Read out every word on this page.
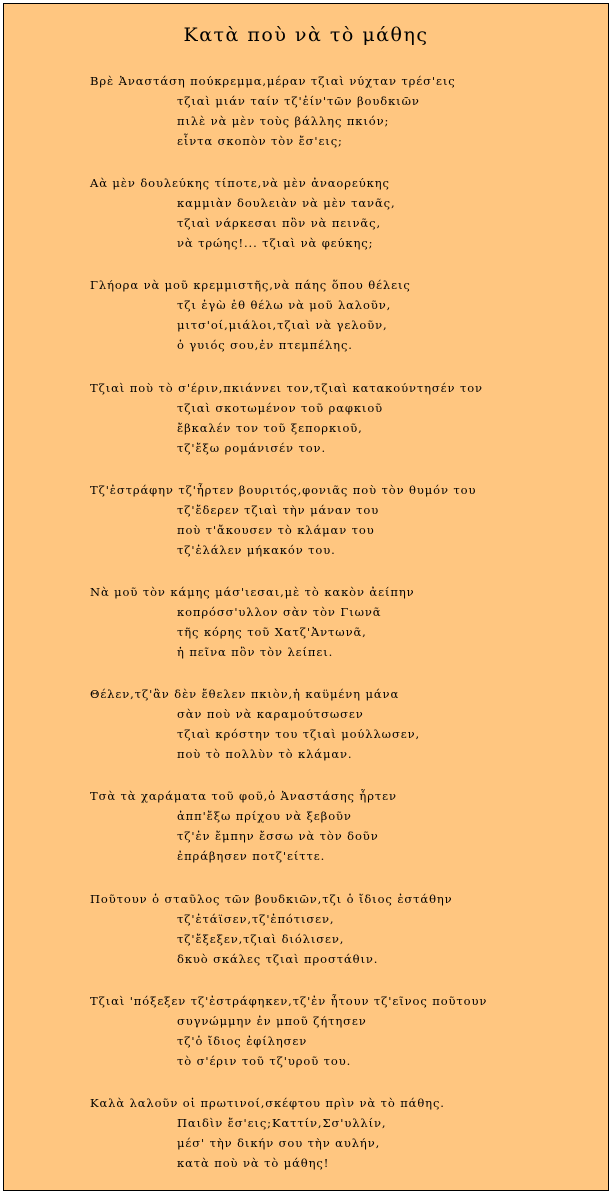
Κατὰ ποὺ νὰ τὸ μάθης
Βρὲ Ἀναστάση πούκρεμμα,μέραν τζιαὶ νύχταν τρέσ'εις
τζιαὶ μιάν ταίν τζ'ἐίν'τῶν βουδκιῶν
πιλὲ νὰ μὲν τοὺς βάλλης πκιόν;
εἶντα σκοπὸν τὸν ἔσ'εις;
Αὰ μὲν δουλεύκης τίποτε,νὰ μὲν ἀναορεύκης
καμμιὰν δουλειὰν νὰ μὲν τανᾶς,
τζιαὶ νάρκεσαι πὂν νὰ πεινᾶς,
νὰ τρώης!... τζιαὶ νὰ φεύκης;
Γλήορα νὰ μοῦ κρεμμιστῆς,νὰ πάης ὅπου θέλεις
τζι ἐγὼ ἐθ θέλω νὰ μοῦ λαλοῦν,
μιτσ'οί,μιάλοι,τζιαὶ νὰ γελοῦν,
ὁ γυιός σου,ἐν πτεμπέλης.
Τζιαὶ ποὺ τὸ σ'έριν,πκιάννει τον,τζιαὶ κατακούντησέν τον
τζιαὶ σκοτωμένον τοῦ ραφκιοῦ
ἔβκαλέν τον τοῦ ξεπορκιοῦ,
τζ'ἔξω ρομάνισέν τον.
Τζ'ἐστράφην τζ'ἦρτεν βουριτός,φονιᾶς ποὺ τὸν θυμόν του
τζ'ἔδερεν τζιαὶ τὴν μάναν του
ποὺ τ'ἄκουσεν τὸ κλάμαν του
τζ'ἐλάλεν μήκακόν του.
Νὰ μοῦ τὸν κάμης μάσ'ιεσαι,μὲ τὸ κακὸν ἀείπην
κοπρόσσ'υλλον σὰν τὸν Γιωνᾶ
τῆς κόρης τοῦ Χατζ'Ἀντωνᾶ,
ἡ πεῖνα πὂν τὸν λείπει.
Θέλεν,τζ'ἂν δὲν ἔθελεν πκιὸν,ἡ καϋμένη μάνα
σὰν ποὺ νὰ καραμούτσωσεν
τζιαὶ κρόστην του τζιαὶ μούλλωσεν,
ποὺ τὸ πολλὺν τὸ κλάμαν.
Τσὰ τὰ χαράματα τοῦ φοῦ,ὁ Ἀναστάσης ἦρτεν
ἀππ'ἔξω πρίχου νὰ ξεβοῦν
τζ'ἐν ἔμπην ἔσσω νὰ τὸν δοῦν
ἐπράβησεν ποτζ'είττε.
Ποῦτουν ὁ σταῦλος τῶν βουδκιῶν,τζι ὁ ἴδιος ἐστάθην
τζ'ἐτάϊσεν,τζ'ἐπότισεν,
τζ'ἔξεξεν,τζιαὶ διόλισεν,
δκυὸ σκάλες τζιαὶ προστάθιν.
Τζιαὶ 'πόξεξεν τζ'ἐστράφηκεν,τζ'ἐν ἦτουν τζ'εῖνος ποῦτουν
συγνώμμην ἐν μποῦ ζήτησεν
τζ'ὁ ἴδιος ἐφίλησεν
τὸ σ'έριν τοῦ τζ'υροῦ του.
Καλὰ λαλοῦν οἱ πρωτινοί,σκέφτου πρὶν νὰ τὸ πάθης.
Παιδὶν ἔσ'εις;Καττίν,Σσ'υλλίν,
μέσ' τὴν δικήν σου τὴν αυλήν,
κατὰ ποὺ νὰ τὸ μάθης!
